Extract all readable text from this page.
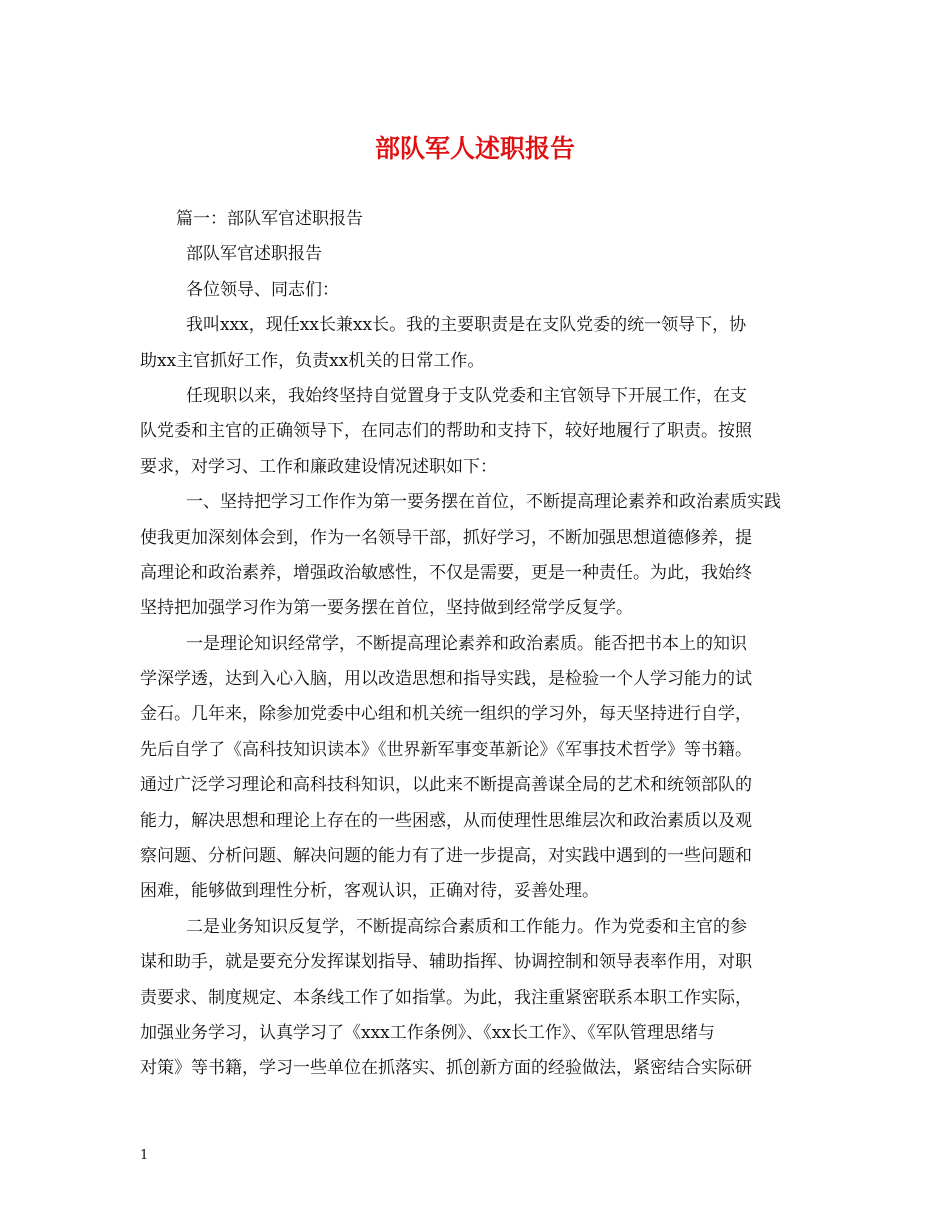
部队军人述职报告
篇一：部队军官述职报告
部队军官述职报告
各位领导、同志们：
我叫xxx，现任xx长兼xx长。我的主要职责是在支队党委的统一领导下，协
助xx主官抓好工作，负责xx机关的日常工作。
任现职以来，我始终坚持自觉置身于支队党委和主官领导下开展工作，在支
队党委和主官的正确领导下，在同志们的帮助和支持下，较好地履行了职责。按照
要求，对学习、工作和廉政建设情况述职如下：
一、坚持把学习工作作为第一要务摆在首位，不断提高理论素养和政治素质实践
使我更加深刻体会到，作为一名领导干部，抓好学习，不断加强思想道德修养，提
高理论和政治素养，增强政治敏感性，不仅是需要，更是一种责任。为此，我始终
坚持把加强学习作为第一要务摆在首位，坚持做到经常学反复学。
一是理论知识经常学，不断提高理论素养和政治素质。能否把书本上的知识
学深学透，达到入心入脑，用以改造思想和指导实践，是检验一个人学习能力的试
金石。几年来，除参加党委中心组和机关统一组织的学习外，每天坚持进行自学，
先后自学了《高科技知识读本》《世界新军事变革新论》《军事技术哲学》等书籍。
通过广泛学习理论和高科技科知识，以此来不断提高善谋全局的艺术和统领部队的
能力，解决思想和理论上存在的一些困惑，从而使理性思维层次和政治素质以及观
察问题、分析问题、解决问题的能力有了进一步提高，对实践中遇到的一些问题和
困难，能够做到理性分析，客观认识，正确对待，妥善处理。
二是业务知识反复学，不断提高综合素质和工作能力。作为党委和主官的参
谋和助手，就是要充分发挥谋划指导、辅助指挥、协调控制和领导表率作用，对职
责要求、制度规定、本条线工作了如指掌。为此，我注重紧密联系本职工作实际，
加强业务学习，认真学习了《xxx工作条例》、《xx长工作》、《军队管理思绪与
对策》等书籍，学习一些单位在抓落实、抓创新方面的经验做法，紧密结合实际研
1
